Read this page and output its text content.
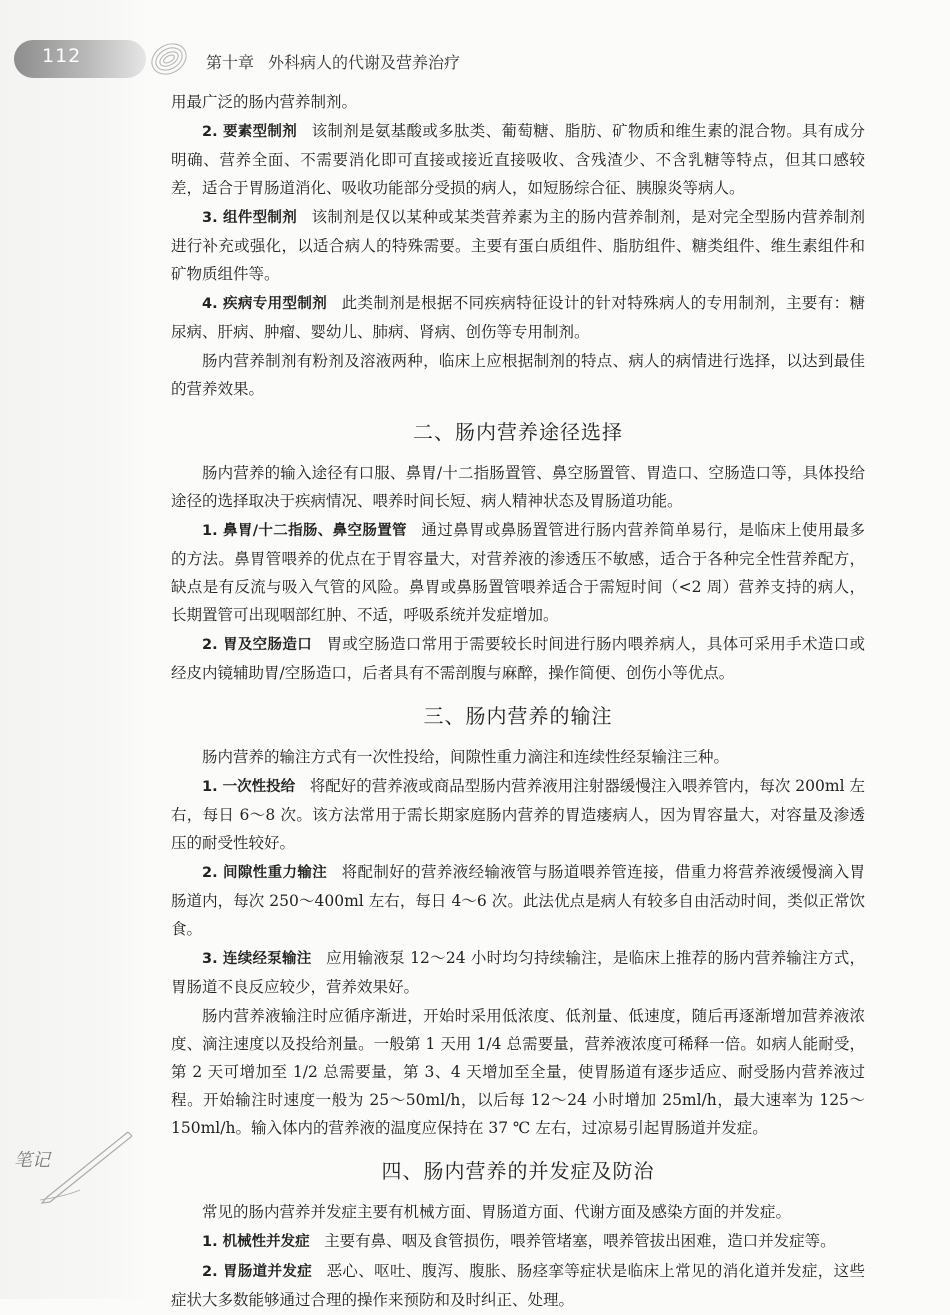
112	第十章 外科病人的代谢及营养治疗

用最广泛的肠内营养制剂。

2. 要素型制剂 该制剂是氨基酸或多肽类、葡萄糖、脂肪、矿物质和维生素的混合物。具有成分明确、营养全面、不需要消化即可直接或接近直接吸收、含残渣少、不含乳糖等特点，但其口感较差，适合于胃肠道消化、吸收功能部分受损的病人，如短肠综合征、胰腺炎等病人。

3. 组件型制剂 该制剂是仅以某种或某类营养素为主的肠内营养制剂，是对完全型肠内营养制剂进行补充或强化，以适合病人的特殊需要。主要有蛋白质组件、脂肪组件、糖类组件、维生素组件和矿物质组件等。

4. 疾病专用型制剂 此类制剂是根据不同疾病特征设计的针对特殊病人的专用制剂，主要有：糖尿病、肝病、肿瘤、婴幼儿、肺病、肾病、创伤等专用制剂。

肠内营养制剂有粉剂及溶液两种，临床上应根据制剂的特点、病人的病情进行选择，以达到最佳的营养效果。

二、肠内营养途径选择

肠内营养的输入途径有口服、鼻胃/十二指肠置管、鼻空肠置管、胃造口、空肠造口等，具体投给途径的选择取决于疾病情况、喂养时间长短、病人精神状态及胃肠道功能。

1. 鼻胃/十二指肠、鼻空肠置管 通过鼻胃或鼻肠置管进行肠内营养简单易行，是临床上使用最多的方法。鼻胃管喂养的优点在于胃容量大，对营养液的渗透压不敏感，适合于各种完全性营养配方，缺点是有反流与吸入气管的风险。鼻胃或鼻肠置管喂养适合于需短时间（<2 周）营养支持的病人，长期置管可出现咽部红肿、不适，呼吸系统并发症增加。

2. 胃及空肠造口 胃或空肠造口常用于需要较长时间进行肠内喂养病人，具体可采用手术造口或经皮内镜辅助胃/空肠造口，后者具有不需剖腹与麻醉，操作简便、创伤小等优点。

三、肠内营养的输注

肠内营养的输注方式有一次性投给，间隙性重力滴注和连续性经泵输注三种。

1. 一次性投给 将配好的营养液或商品型肠内营养液用注射器缓慢注入喂养管内，每次 200ml 左右，每日 6～8 次。该方法常用于需长期家庭肠内营养的胃造瘘病人，因为胃容量大，对容量及渗透压的耐受性较好。

2. 间隙性重力输注 将配制好的营养液经输液管与肠道喂养管连接，借重力将营养液缓慢滴入胃肠道内，每次 250～400ml 左右，每日 4～6 次。此法优点是病人有较多自由活动时间，类似正常饮食。

3. 连续经泵输注 应用输液泵 12～24 小时均匀持续输注，是临床上推荐的肠内营养输注方式，胃肠道不良反应较少，营养效果好。

肠内营养液输注时应循序渐进，开始时采用低浓度、低剂量、低速度，随后再逐渐增加营养液浓度、滴注速度以及投给剂量。一般第 1 天用 1/4 总需要量，营养液浓度可稀释一倍。如病人能耐受，第 2 天可增加至 1/2 总需要量，第 3、4 天增加至全量，使胃肠道有逐步适应、耐受肠内营养液过程。开始输注时速度一般为 25～50ml/h，以后每 12～24 小时增加 25ml/h，最大速率为 125～150ml/h。输入体内的营养液的温度应保持在 37 ℃ 左右，过凉易引起胃肠道并发症。

四、肠内营养的并发症及防治

常见的肠内营养并发症主要有机械方面、胃肠道方面、代谢方面及感染方面的并发症。

1. 机械性并发症 主要有鼻、咽及食管损伤，喂养管堵塞，喂养管拔出困难，造口并发症等。

2. 胃肠道并发症 恶心、呕吐、腹泻、腹胀、肠痉挛等症状是临床上常见的消化道并发症，这些症状大多数能够通过合理的操作来预防和及时纠正、处理。

笔记
